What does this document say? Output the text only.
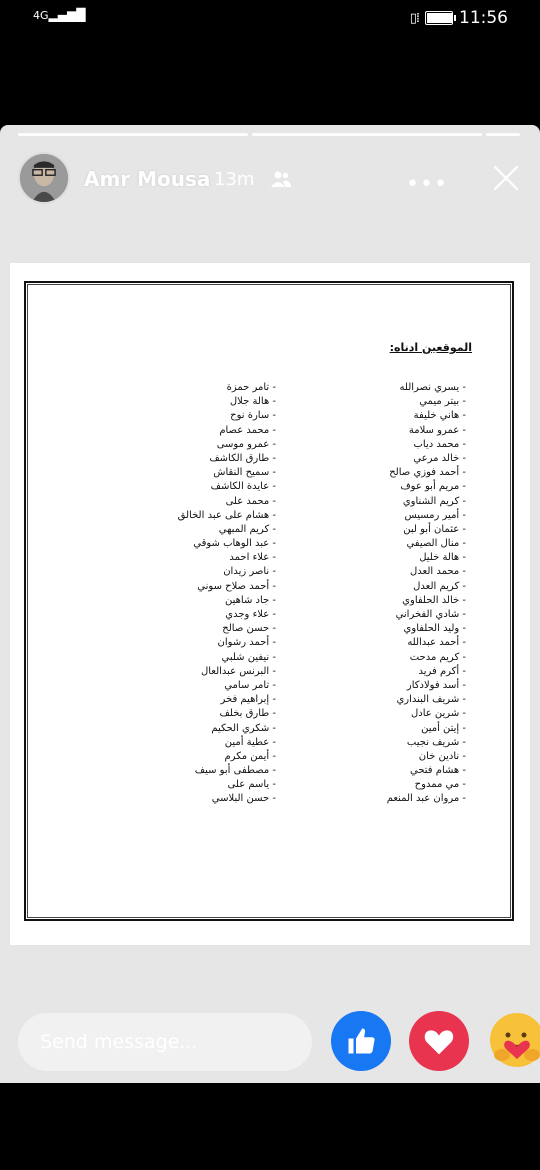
4G▂▄▆█	▯⁞ 11:56
Amr Mousa 13m	•••
الموقعين ادناه:
- يسري نصرالله
- بيتر ميمي
- هاني خليفة
- عمرو سلامة
- محمد دياب
- خالد مرعي
- أحمد فوزي صالح
- مريم أبو عوف
- كريم الشناوي
- أمير رمسيس
- عثمان أبو لبن
- منال الصيفي
- هالة خليل
- محمد العدل
- كريم العدل
- خالد الحلفاوي
- شادي الفخراني
- وليد الحلفاوي
- أحمد عبدالله
- كريم مدحت
- أكرم فريد
- أسد فولادكار
- شريف البنداري
- شرين عادل
- إيتن أمين
- شريف نجيب
- نادين خان
- هشام فتحي
- مي ممدوح
- مروان عبد المنعم
- تامر حمزة
- هالة جلال
- سارة نوح
- محمد عصام
- عمرو موسى
- طارق الكاشف
- سميح النقاش
- عايدة الكاشف
- محمد على
- هشام على عبد الخالق
- كريم المبهي
- عبد الوهاب شوقي
- علاء احمد
- ناصر زيدان
- أحمد صلاح سوني
- جاد شاهين
- علاء وجدي
- حسن صالح
- أحمد رشوان
- نيفين شلبي
- البرنس عبدالعال
- تامر سامي
- إبراهيم فخر
- طارق بخلف
- شكري الحكيم
- عطية أمين
- أيمن مكرم
- مصطفى أبو سيف
- ياسم على
- حسن البلاسي
Send message...
